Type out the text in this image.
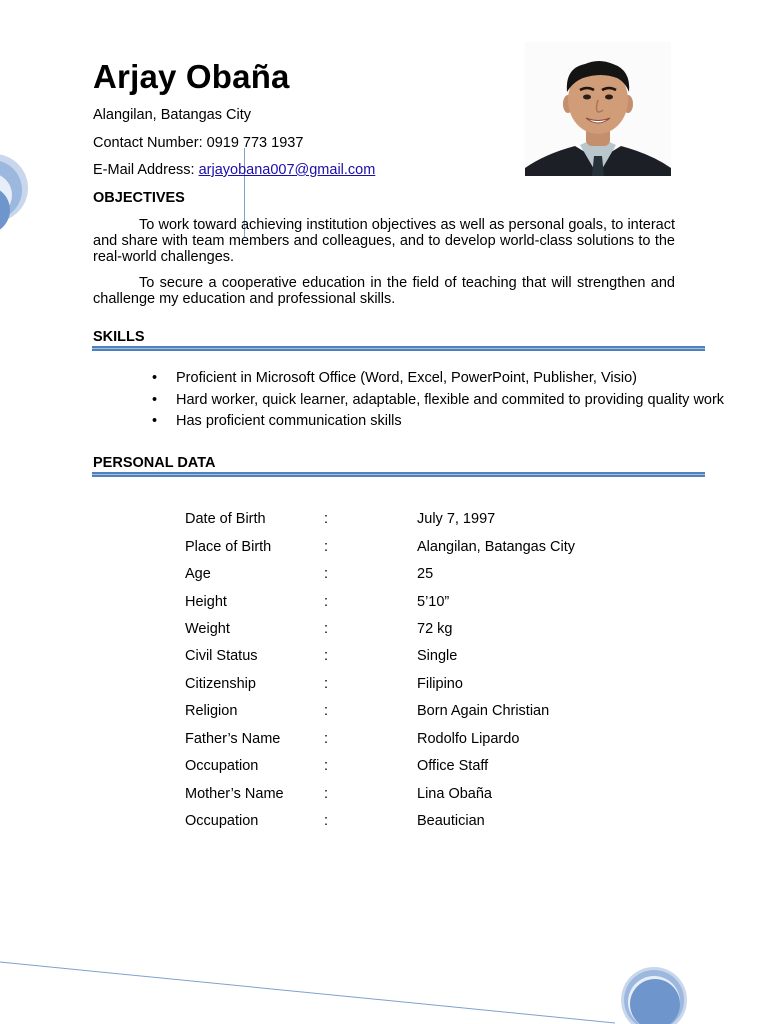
Arjay Obaña
Alangilan, Batangas City
Contact Number: 0919 773 1937
E-Mail Address: arjayobana007@gmail.com
OBJECTIVES
To work toward achieving institution objectives as well as personal goals, to interact and share with team members and colleagues, and to develop world-class solutions to the real-world challenges.
To secure a cooperative education in the field of teaching that will strengthen and challenge my education and professional skills.
SKILLS
• Proficient in Microsoft Office (Word, Excel, PowerPoint, Publisher, Visio)
• Hard worker, quick learner, adaptable, flexible and commited to providing quality work
• Has proficient communication skills
PERSONAL DATA
Date of Birth	:	July 7, 1997
Place of Birth	:	Alangilan, Batangas City
Age	:	25
Height	:	5’10”
Weight	:	72 kg
Civil Status	:	Single
Citizenship	:	Filipino
Religion	:	Born Again Christian
Father’s Name	:	Rodolfo Lipardo
Occupation	:	Office Staff
Mother’s Name	:	Lina Obaña
Occupation	:	Beautician
